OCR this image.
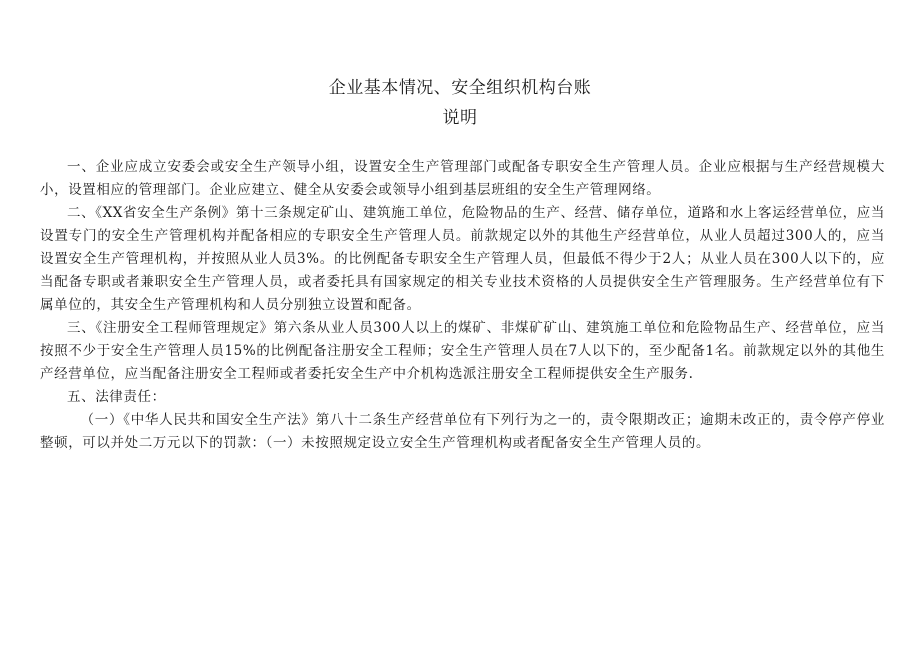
企业基本情况、安全组织机构台账
说明

一、企业应成立安委会或安全生产领导小组，设置安全生产管理部门或配备专职安全生产管理人员。企业应根据与生产经营规模大小，设置相应的管理部门。企业应建立、健全从安委会或领导小组到基层班组的安全生产管理网络。

二、《XX省安全生产条例》第十三条规定矿山、建筑施工单位，危险物品的生产、经营、储存单位，道路和水上客运经营单位，应当设置专门的安全生产管理机构并配备相应的专职安全生产管理人员。前款规定以外的其他生产经营单位，从业人员超过300人的，应当设置安全生产管理机构，并按照从业人员3%。的比例配备专职安全生产管理人员，但最低不得少于2人；从业人员在300人以下的，应当配备专职或者兼职安全生产管理人员，或者委托具有国家规定的相关专业技术资格的人员提供安全生产管理服务。生产经营单位有下属单位的，其安全生产管理机构和人员分别独立设置和配备。

三、《注册安全工程师管理规定》第六条从业人员300人以上的煤矿、非煤矿矿山、建筑施工单位和危险物品生产、经营单位，应当按照不少于安全生产管理人员15%的比例配备注册安全工程师；安全生产管理人员在7人以下的，至少配备1名。前款规定以外的其他生产经营单位，应当配备注册安全工程师或者委托安全生产中介机构选派注册安全工程师提供安全生产服务.

五、法律责任：

（一）《中华人民共和国安全生产法》第八十二条生产经营单位有下列行为之一的，责令限期改正；逾期未改正的，责令停产停业整顿，可以并处二万元以下的罚款：（一）未按照规定设立安全生产管理机构或者配备安全生产管理人员的。
